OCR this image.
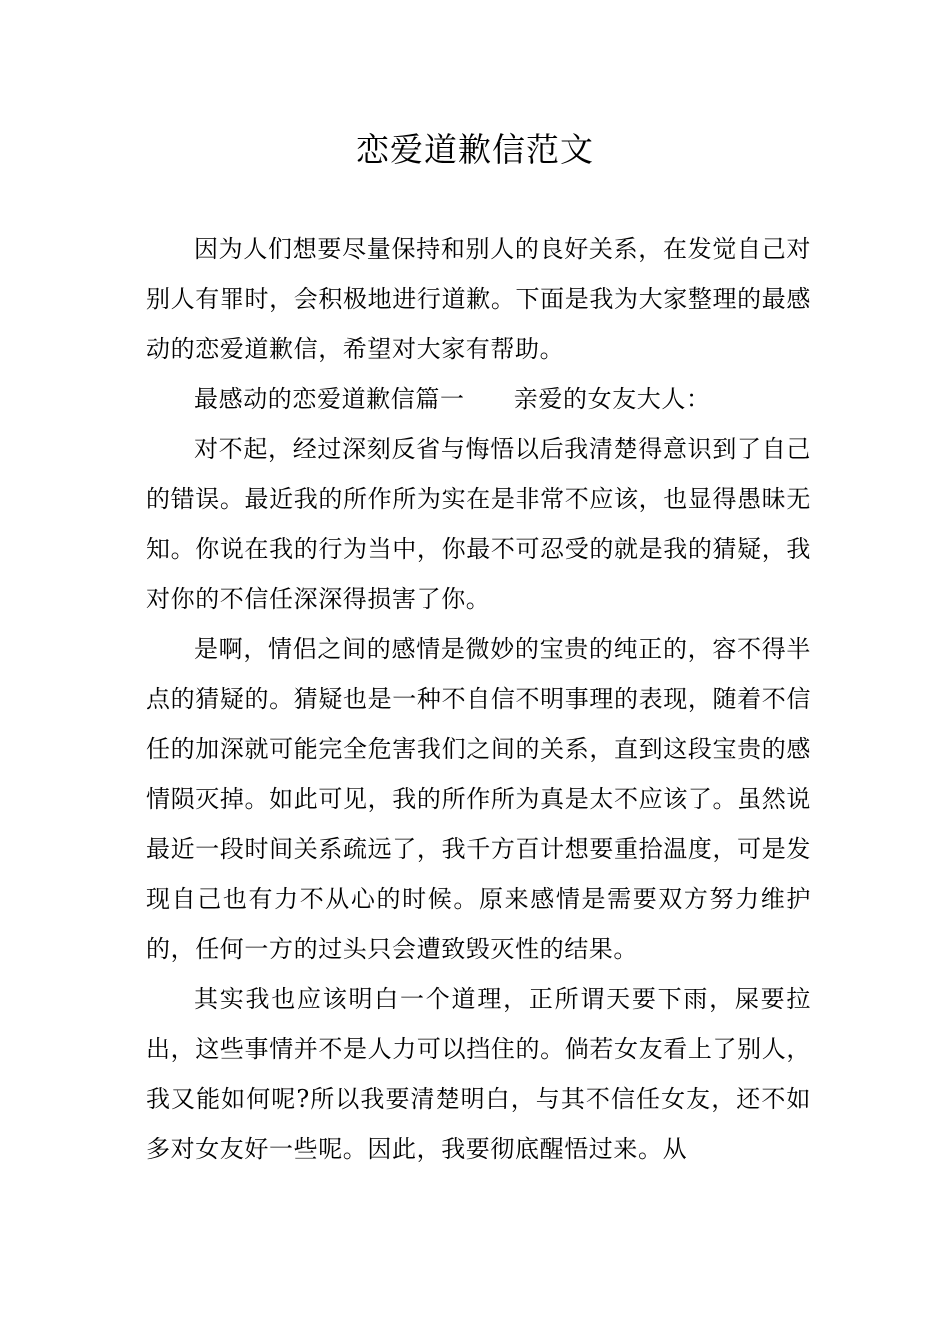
恋爱道歉信范文

因为人们想要尽量保持和别人的良好关系，在发觉自己对别人有罪时，会积极地进行道歉。下面是我为大家整理的最感动的恋爱道歉信，希望对大家有帮助。

最感动的恋爱道歉信篇一　　亲爱的女友大人：

对不起，经过深刻反省与悔悟以后我清楚得意识到了自己的错误。最近我的所作所为实在是非常不应该，也显得愚昧无知。你说在我的行为当中，你最不可忍受的就是我的猜疑，我对你的不信任深深得损害了你。

是啊，情侣之间的感情是微妙的宝贵的纯正的，容不得半点的猜疑的。猜疑也是一种不自信不明事理的表现，随着不信任的加深就可能完全危害我们之间的关系，直到这段宝贵的感情陨灭掉。如此可见，我的所作所为真是太不应该了。虽然说最近一段时间关系疏远了，我千方百计想要重拾温度，可是发现自己也有力不从心的时候。原来感情是需要双方努力维护的，任何一方的过头只会遭致毁灭性的结果。

其实我也应该明白一个道理，正所谓天要下雨，屎要拉出，这些事情并不是人力可以挡住的。倘若女友看上了别人，我又能如何呢?所以我要清楚明白，与其不信任女友，还不如多对女友好一些呢。因此，我要彻底醒悟过来。从
